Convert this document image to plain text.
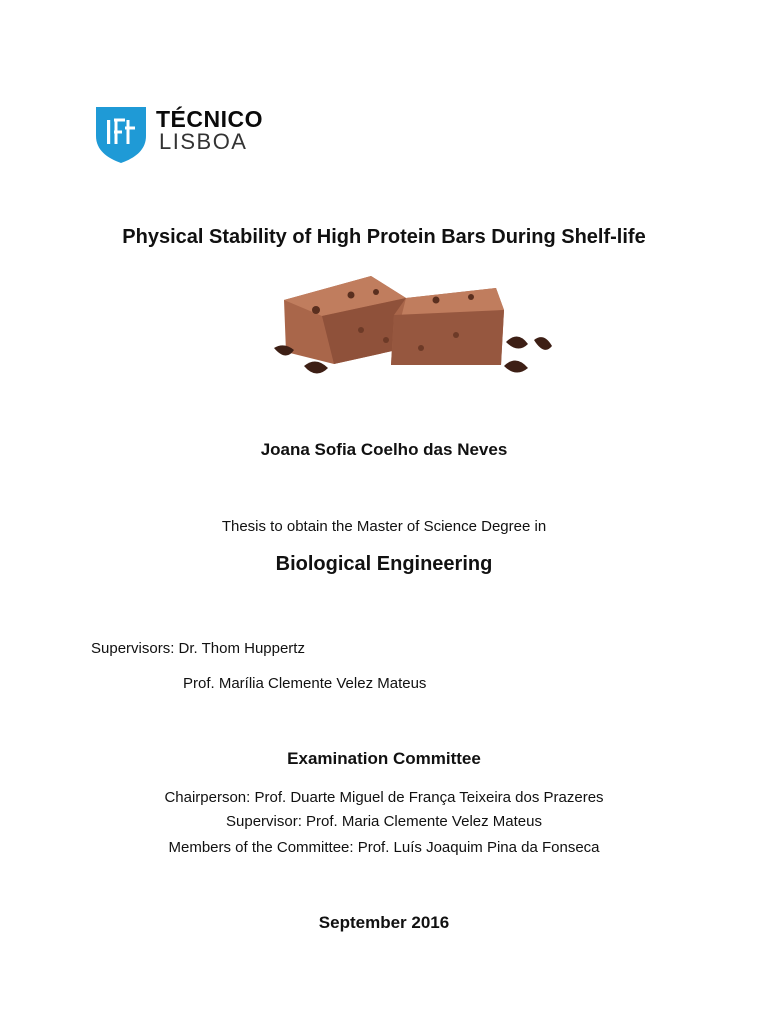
TÉCNICO
LISBOA
Physical Stability of High Protein Bars During Shelf-life
Joana Sofia Coelho das Neves
Thesis to obtain the Master of Science Degree in
Biological Engineering
Supervisors: Dr. Thom Huppertz
Prof. Marília Clemente Velez Mateus
Examination Committee
Chairperson: Prof. Duarte Miguel de França Teixeira dos Prazeres
Supervisor: Prof. Maria Clemente Velez Mateus
Members of the Committee: Prof. Luís Joaquim Pina da Fonseca
September 2016
